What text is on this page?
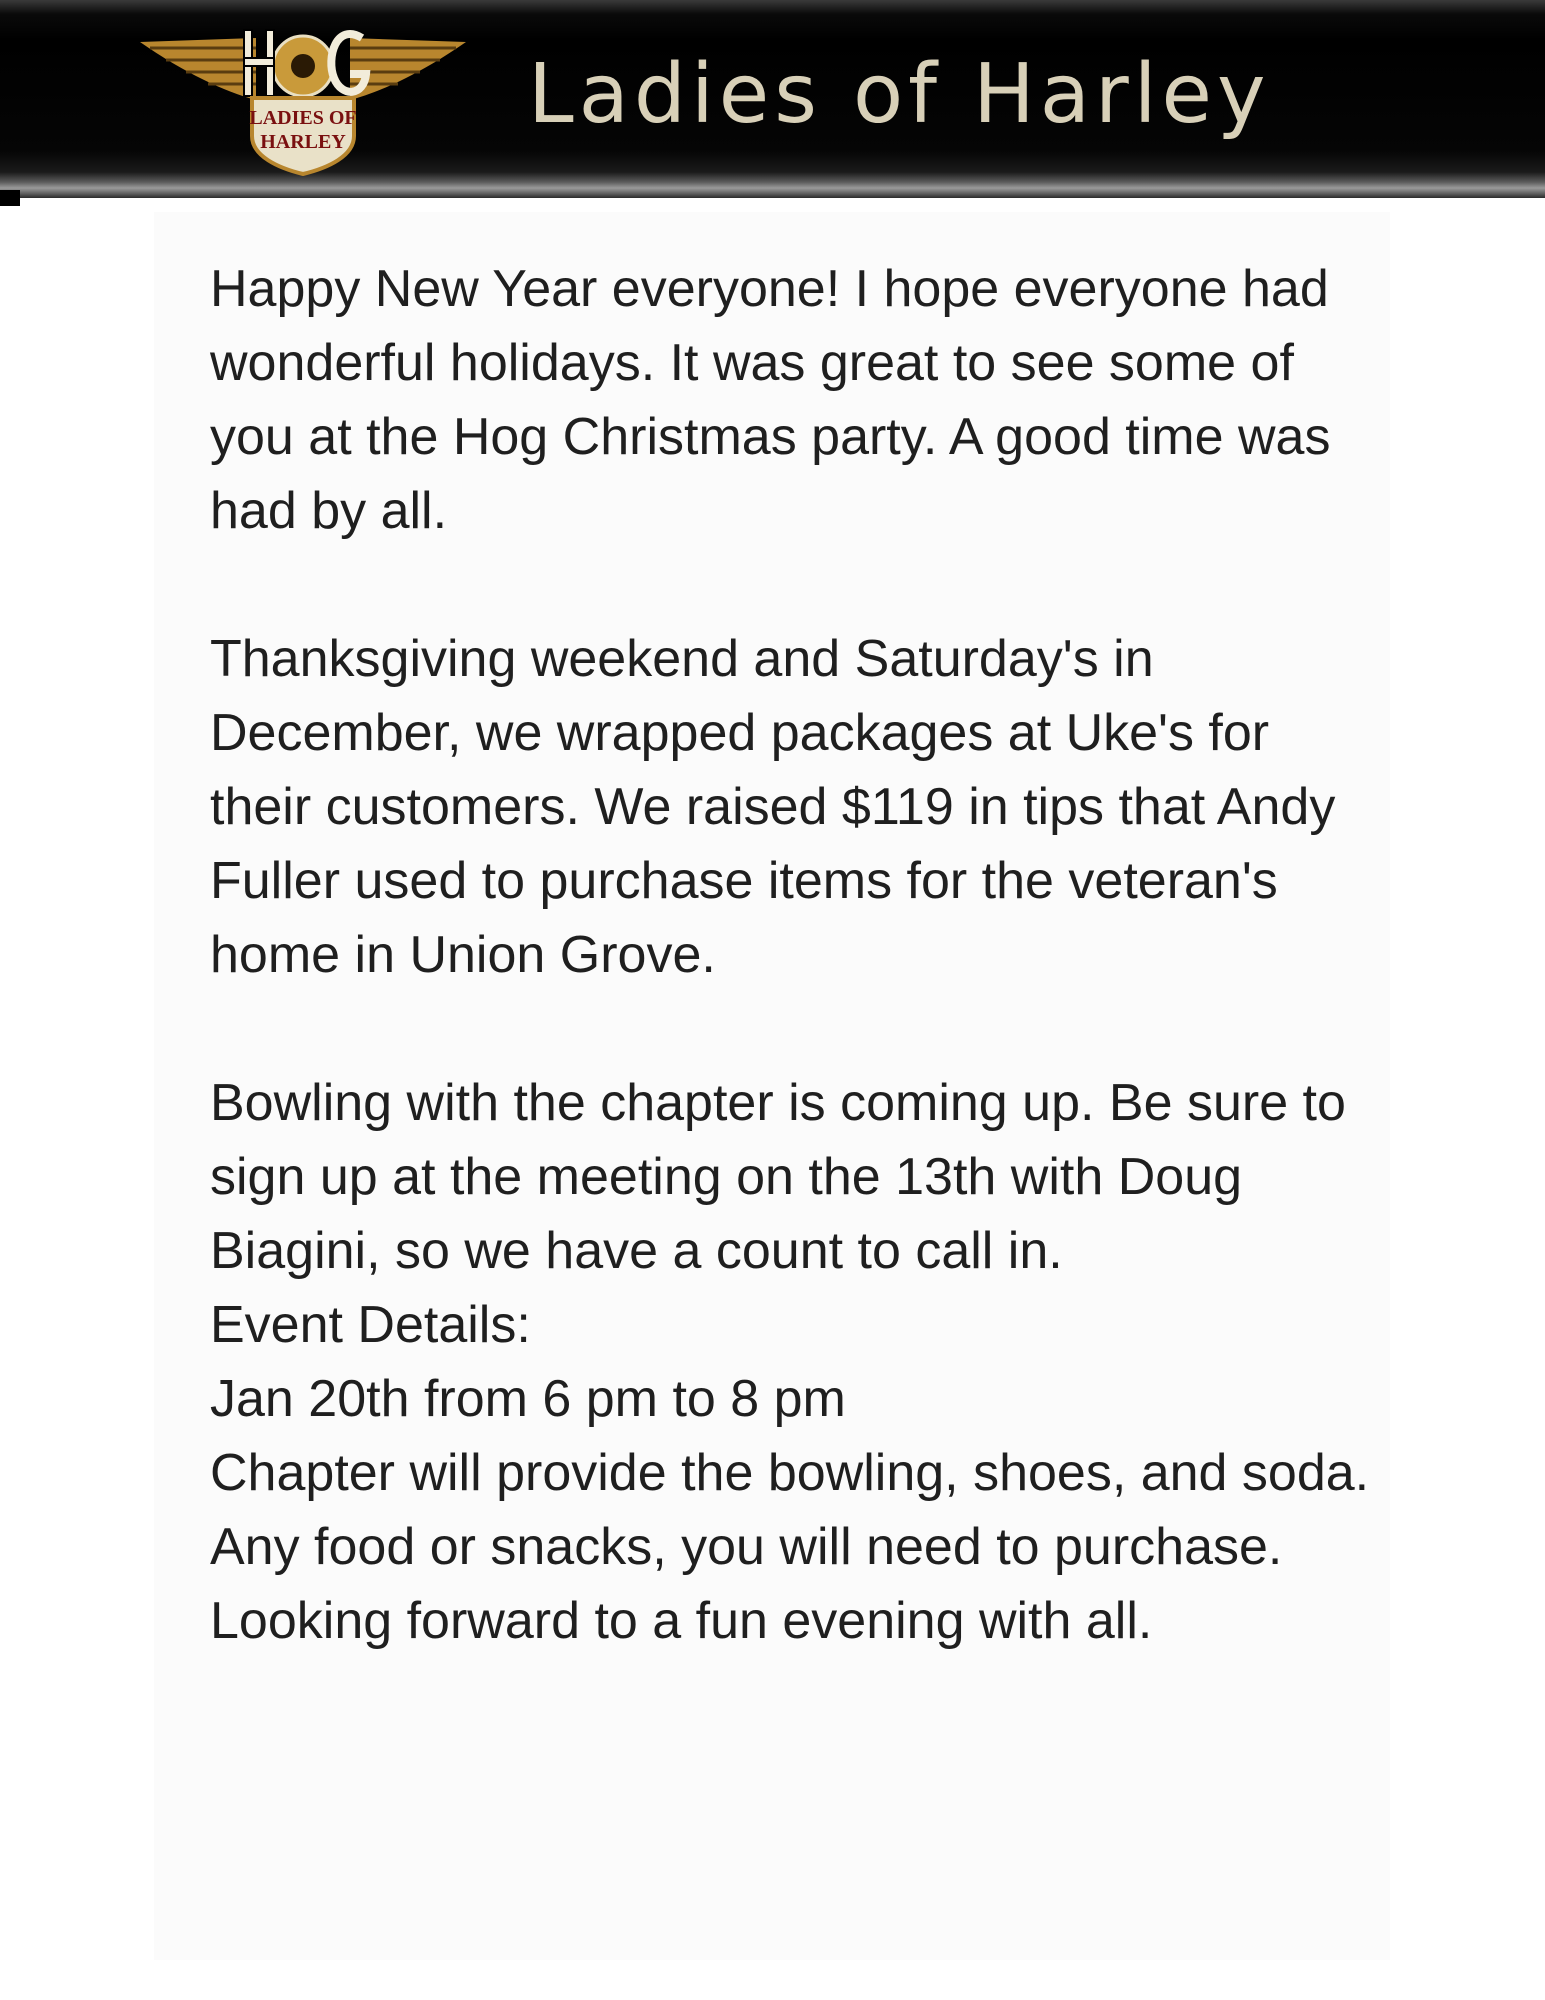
LADIES OF
HARLEY Ladies of Harley

Happy New Year everyone! I hope everyone had wonderful holidays. It was great to see some of you at the Hog Christmas party. A good time was had by all.

Thanksgiving weekend and Saturday's in December, we wrapped packages at Uke's for their customers. We raised $119 in tips that Andy Fuller used to purchase items for the veteran's home in Union Grove.

Bowling with the chapter is coming up. Be sure to sign up at the meeting on the 13th with Doug Biagini, so we have a count to call in.
Event Details:
Jan 20th from 6 pm to 8 pm
Chapter will provide the bowling, shoes, and soda.
Any food or snacks, you will need to purchase.
Looking forward to a fun evening with all.
